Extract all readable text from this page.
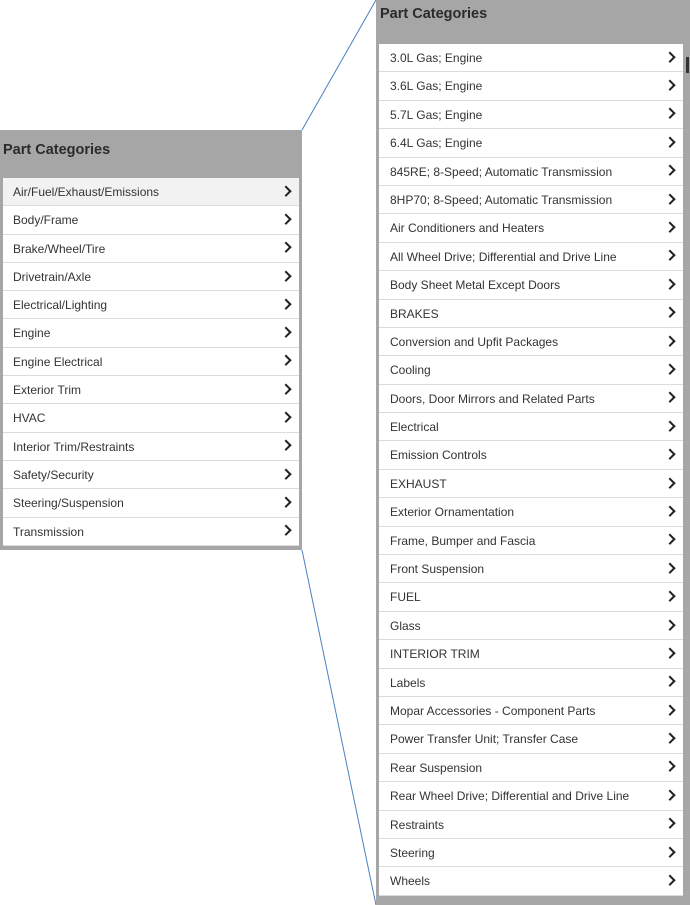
Part Categories
Air/Fuel/Exhaust/Emissions
Body/Frame
Brake/Wheel/Tire
Drivetrain/Axle
Electrical/Lighting
Engine
Engine Electrical
Exterior Trim
HVAC
Interior Trim/Restraints
Safety/Security
Steering/Suspension
Transmission
Part Categories
3.0L Gas; Engine
3.6L Gas; Engine
5.7L Gas; Engine
6.4L Gas; Engine
845RE; 8-Speed; Automatic Transmission
8HP70; 8-Speed; Automatic Transmission
Air Conditioners and Heaters
All Wheel Drive; Differential and Drive Line
Body Sheet Metal Except Doors
BRAKES
Conversion and Upfit Packages
Cooling
Doors, Door Mirrors and Related Parts
Electrical
Emission Controls
EXHAUST
Exterior Ornamentation
Frame, Bumper and Fascia
Front Suspension
FUEL
Glass
INTERIOR TRIM
Labels
Mopar Accessories - Component Parts
Power Transfer Unit; Transfer Case
Rear Suspension
Rear Wheel Drive; Differential and Drive Line
Restraints
Steering
Wheels
